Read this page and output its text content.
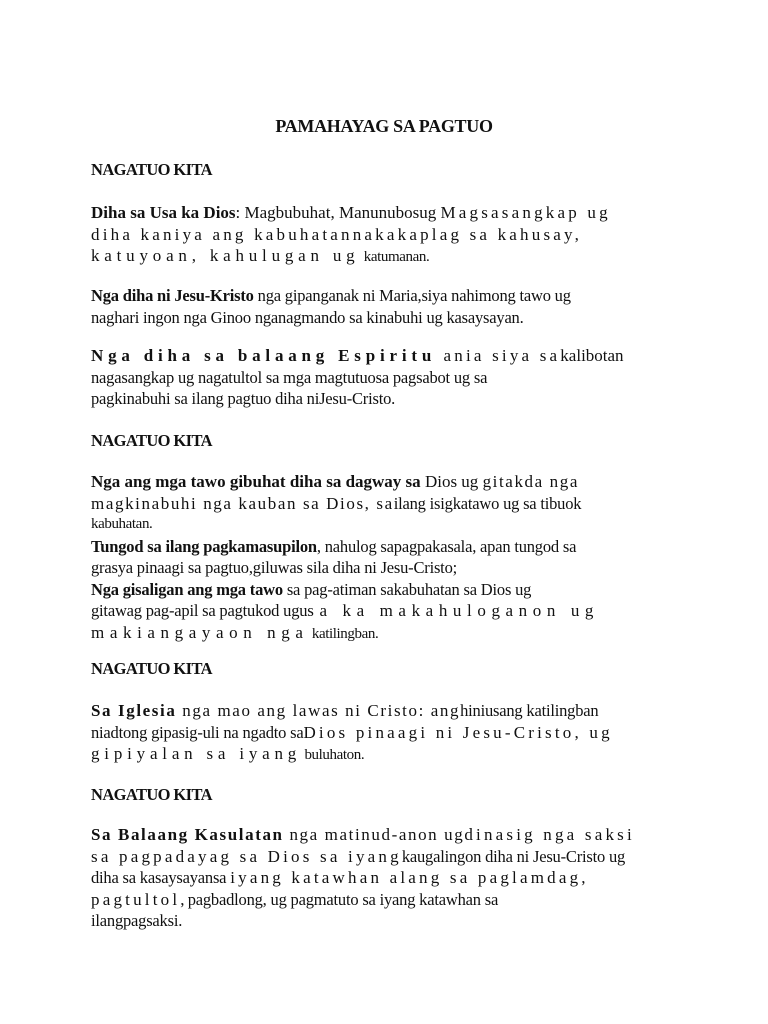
PAMAHAYAG SA PAGTUO
NAGATUO KITA
Diha sa Usa ka Dios: Magbubuhat, Manunubosug Magsasangkap ug
diha kaniya ang kabuhatannakakaplag sa kahusay,
katuyoan, kahulugan ug katumanan.
Nga diha ni Jesu-Kristo nga gipanganak ni Maria,siya nahimong tawo ug
naghari ingon nga Ginoo nganagmando sa kinabuhi ug kasaysayan.
Nga diha sa balaang Espiritu ania siya sakalibotan
nagasangkap ug nagatultol sa mga magtutuosa pagsabot ug sa
pagkinabuhi sa ilang pagtuo diha niJesu-Cristo.
NAGATUO KITA
Nga ang mga tawo gibuhat diha sa dagway sa Dios ug gitakda nga
magkinabuhi nga kauban sa Dios, sailang isigkatawo ug sa tibuok
kabuhatan.
Tungod sa ilang pagkamasupilon, nahulog sapagpakasala, apan tungod sa
grasya pinaagi sa pagtuo,giluwas sila diha ni Jesu-Cristo;
Nga gisaligan ang mga tawo sa pag-atiman sakabuhatan sa Dios ug
gitawag pag-apil sa pagtukod ugusa ka makahuloganon ug
makiangayaon nga katilingban.
NAGATUO KITA
Sa Iglesia nga mao ang lawas ni Cristo: anghiniusang katilingban
niadtong gipasig-uli na ngadto saDios pinaagi ni Jesu-Cristo, ug
gipiyalan sa iyang buluhaton.
NAGATUO KITA
Sa Balaang Kasulatan nga matinud-anon ugdinasig nga saksi
sa pagpadayag sa Dios sa iyangkaugalingon diha ni Jesu-Cristo ug
diha sa kasaysayansa iyang katawhan alang sa paglamdag,
pagtultol,pagbadlong, ug pagmatuto sa iyang katawhan sa
ilangpagsaksi.
